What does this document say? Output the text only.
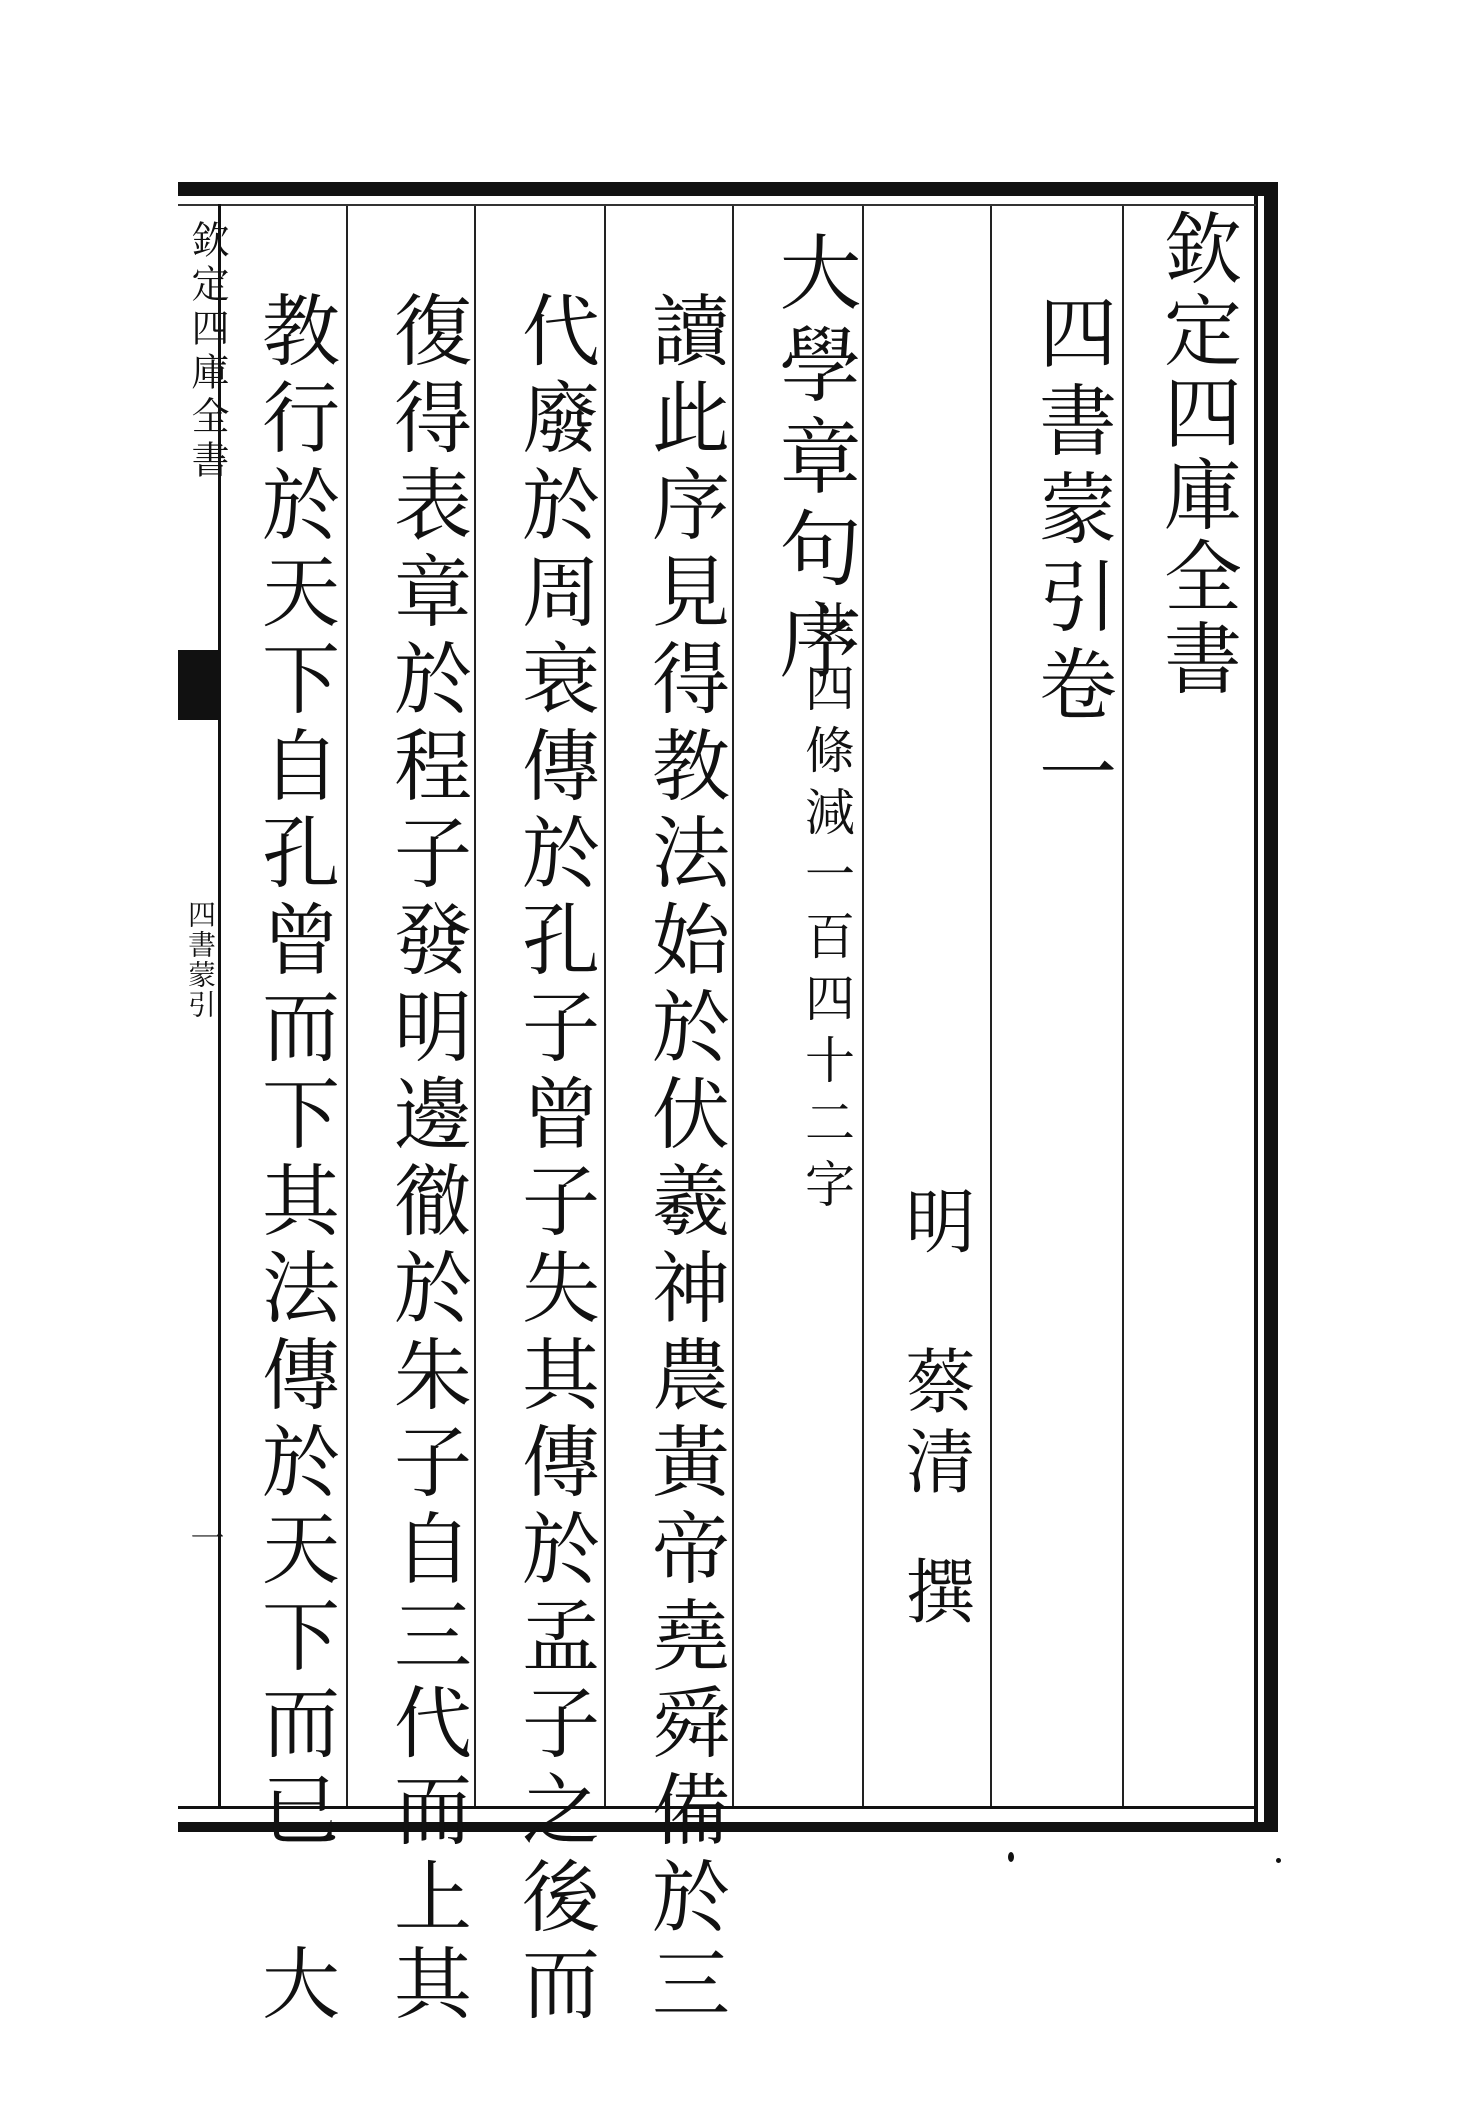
欽定四庫全書
四書蒙引
一
欽定四庫全書
四書蒙引卷一
明
蔡清
撰
大學章句序
共四條減一百四十二字
讀此序見得教法始於伏羲神農黃帝堯舜備於三
代廢於周衰傳於孔子曾子失其傳於孟子之後而
復得表章於程子發明邊徹於朱子自三代而上其
教行於天下自孔曾而下其法傳於天下而已　大
